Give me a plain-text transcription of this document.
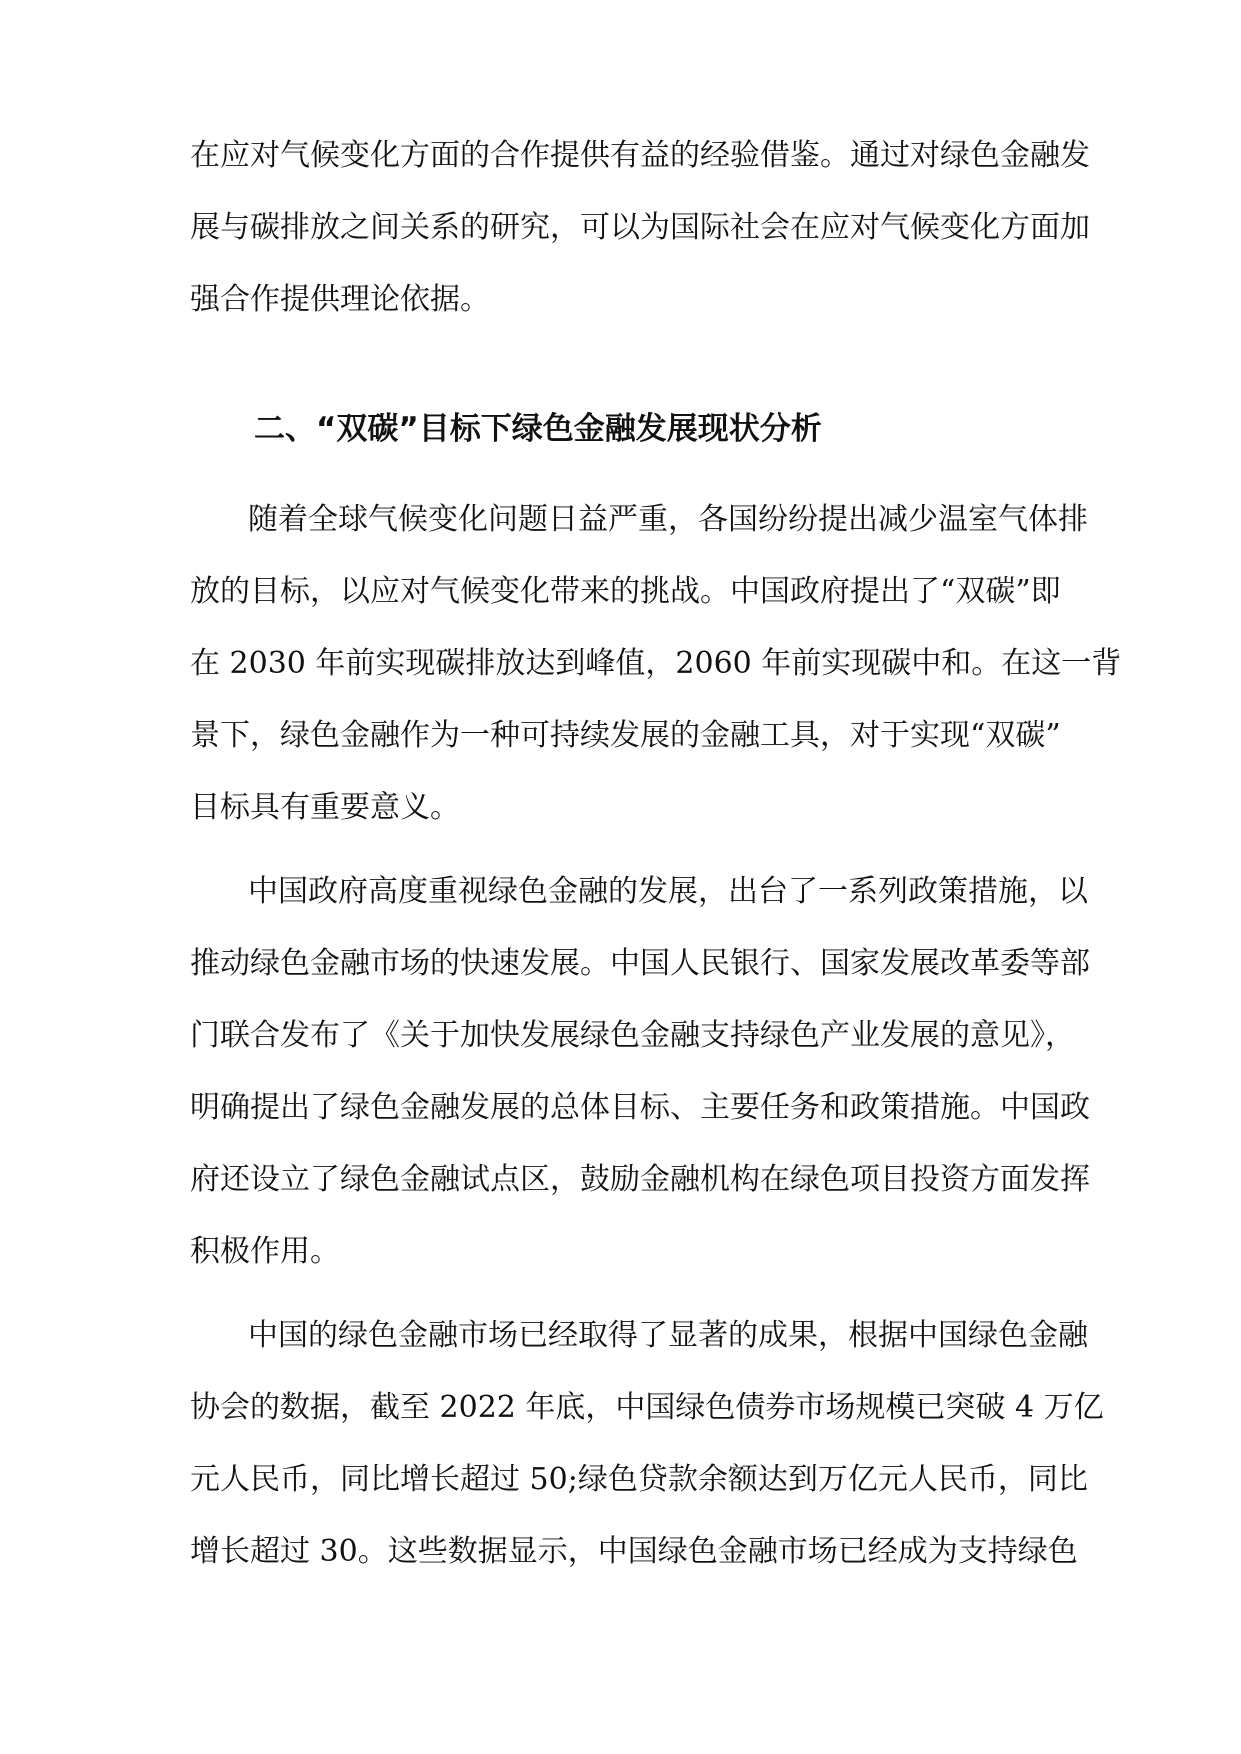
在应对气候变化方面的合作提供有益的经验借鉴。通过对绿色金融发
展与碳排放之间关系的研究，可以为国际社会在应对气候变化方面加
强合作提供理论依据。
二、“双碳”目标下绿色金融发展现状分析
随着全球气候变化问题日益严重，各国纷纷提出减少温室气体排
放的目标，以应对气候变化带来的挑战。中国政府提出了“双碳”即
在 2030 年前实现碳排放达到峰值，2060 年前实现碳中和。在这一背
景下，绿色金融作为一种可持续发展的金融工具，对于实现“双碳”
目标具有重要意义。
中国政府高度重视绿色金融的发展，出台了一系列政策措施，以
推动绿色金融市场的快速发展。中国人民银行、国家发展改革委等部
门联合发布了《关于加快发展绿色金融支持绿色产业发展的意见》，
明确提出了绿色金融发展的总体目标、主要任务和政策措施。中国政
府还设立了绿色金融试点区，鼓励金融机构在绿色项目投资方面发挥
积极作用。
中国的绿色金融市场已经取得了显著的成果，根据中国绿色金融
协会的数据，截至 2022 年底，中国绿色债券市场规模已突破 4 万亿
元人民币，同比增长超过 50;绿色贷款余额达到万亿元人民币，同比
增长超过 30。这些数据显示，中国绿色金融市场已经成为支持绿色
